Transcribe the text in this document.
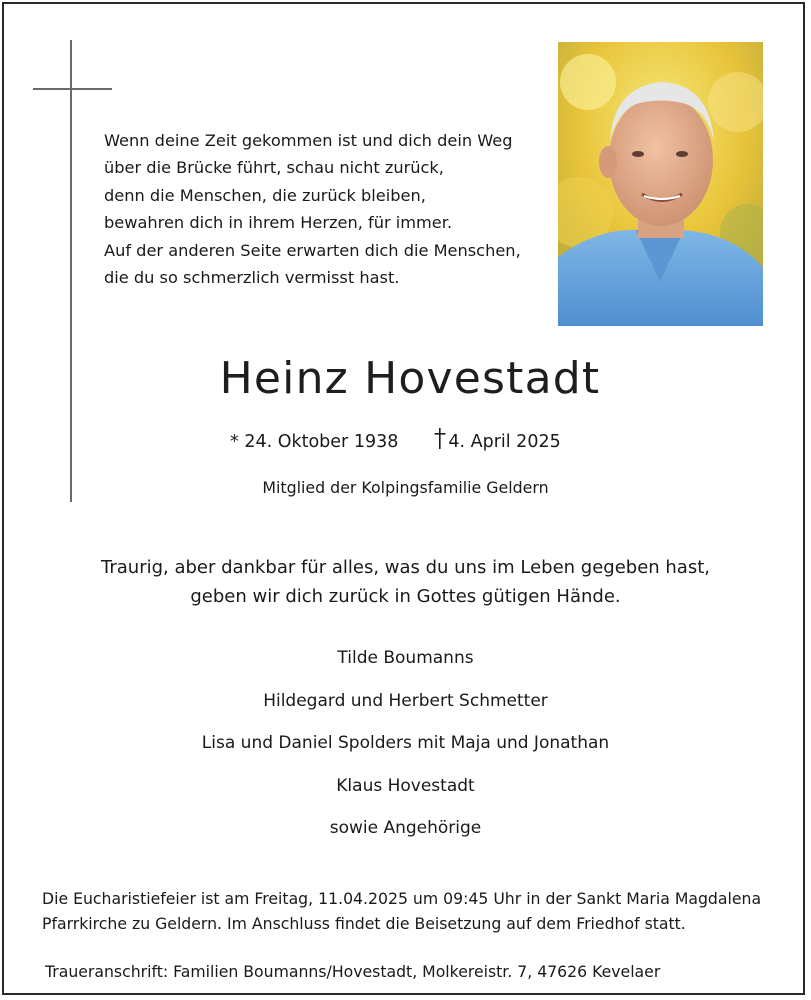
Wenn deine Zeit gekommen ist und dich dein Weg
über die Brücke führt, schau nicht zurück,
denn die Menschen, die zurück bleiben,
bewahren dich in ihrem Herzen, für immer.
Auf der anderen Seite erwarten dich die Menschen,
die du so schmerzlich vermisst hast.
Heinz Hovestadt
* 24. Oktober 1938	4. April 2025
Mitglied der Kolpingsfamilie Geldern
Traurig, aber dankbar für alles, was du uns im Leben gegeben hast,
geben wir dich zurück in Gottes gütigen Hände.
Tilde Boumanns
Hildegard und Herbert Schmetter
Lisa und Daniel Spolders mit Maja und Jonathan
Klaus Hovestadt
sowie Angehörige
Die Eucharistiefeier ist am Freitag, 11.04.2025 um 09:45 Uhr in der Sankt Maria Magdalena
Pfarrkirche zu Geldern. Im Anschluss findet die Beisetzung auf dem Friedhof statt.
Traueranschrift: Familien Boumanns/Hovestadt, Molkereistr. 7, 47626 Kevelaer
